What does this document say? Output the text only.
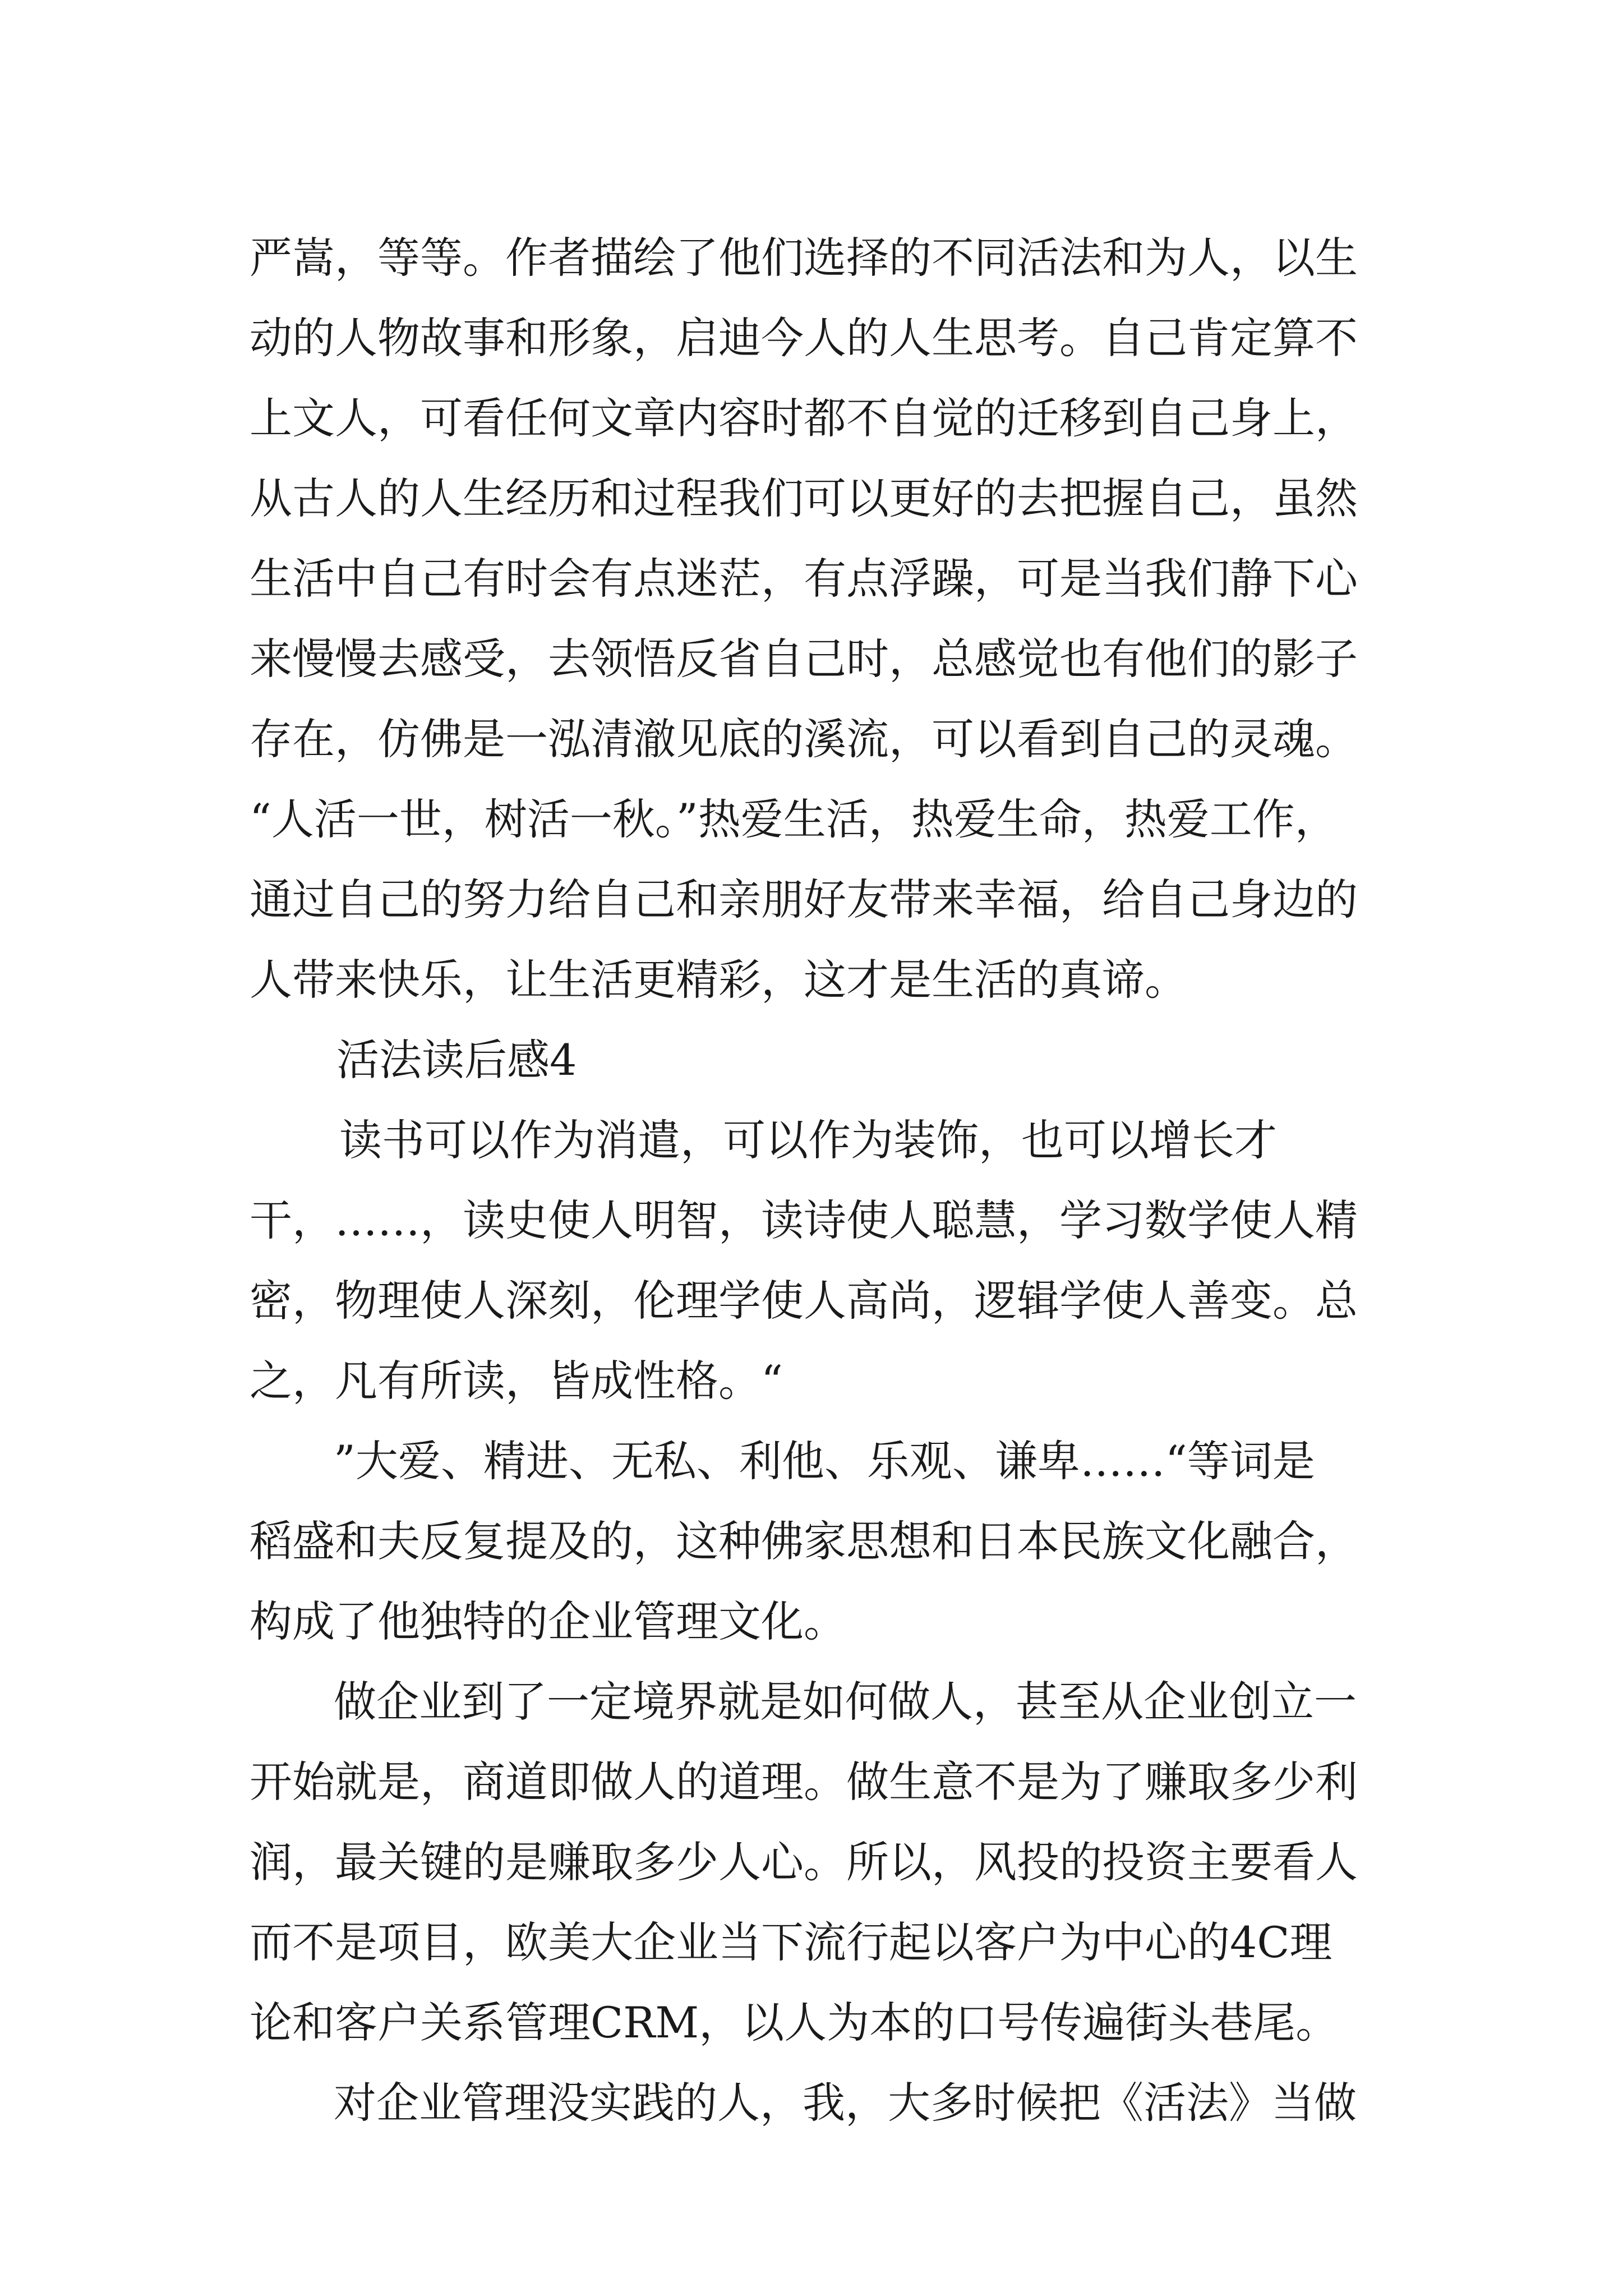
严嵩，等等。作者描绘了他们选择的不同活法和为人，以生
动的人物故事和形象，启迪今人的人生思考。自己肯定算不
上文人，可看任何文章内容时都不自觉的迁移到自己身上，
从古人的人生经历和过程我们可以更好的去把握自己，虽然
生活中自己有时会有点迷茫，有点浮躁，可是当我们静下心
来慢慢去感受，去领悟反省自己时，总感觉也有他们的影子
存在，仿佛是一泓清澈见底的溪流，可以看到自己的灵魂。
“人活一世，树活一秋。”热爱生活，热爱生命，热爱工作，
通过自己的努力给自己和亲朋好友带来幸福，给自己身边的
人带来快乐，让生活更精彩，这才是生活的真谛。
活法读后感4
读书可以作为消遣，可以作为装饰，也可以增长才
干，……，读史使人明智，读诗使人聪慧，学习数学使人精
密，物理使人深刻，伦理学使人高尚，逻辑学使人善变。总
之，凡有所读，皆成性格。“
”大爱、精进、无私、利他、乐观、谦卑……“等词是
稻盛和夫反复提及的，这种佛家思想和日本民族文化融合，
构成了他独特的企业管理文化。
做企业到了一定境界就是如何做人，甚至从企业创立一
开始就是，商道即做人的道理。做生意不是为了赚取多少利
润，最关键的是赚取多少人心。所以，风投的投资主要看人
而不是项目，欧美大企业当下流行起以客户为中心的4C理
论和客户关系管理CRM，以人为本的口号传遍街头巷尾。
对企业管理没实践的人，我，大多时候把《活法》当做
